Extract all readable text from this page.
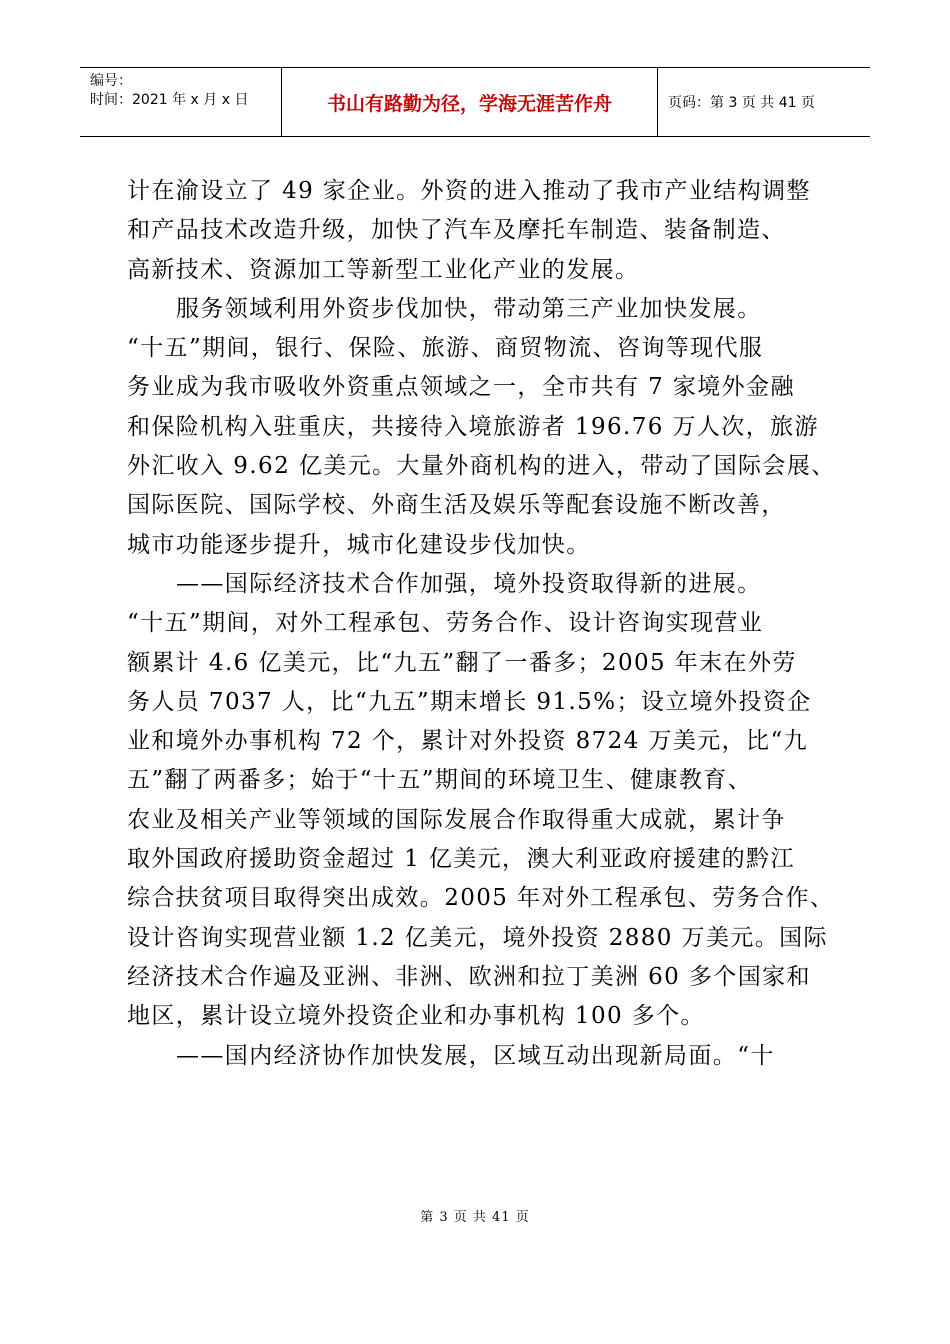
编号：
时间：2021 年 x 月 x 日	书山有路勤为径，学海无涯苦作舟	页码：第 3 页 共 41 页

计在渝设立了 49 家企业。外资的进入推动了我市产业结构调整

和产品技术改造升级，加快了汽车及摩托车制造、装备制造、

高新技术、资源加工等新型工业化产业的发展。

服务领域利用外资步伐加快，带动第三产业加快发展。

“十五”期间，银行、保险、旅游、商贸物流、咨询等现代服

务业成为我市吸收外资重点领域之一，全市共有 7 家境外金融

和保险机构入驻重庆，共接待入境旅游者 196.76 万人次，旅游

外汇收入 9.62 亿美元。大量外商机构的进入，带动了国际会展、

国际医院、国际学校、外商生活及娱乐等配套设施不断改善，

城市功能逐步提升，城市化建设步伐加快。

——国际经济技术合作加强，境外投资取得新的进展。

“十五”期间，对外工程承包、劳务合作、设计咨询实现营业

额累计 4.6 亿美元，比“九五”翻了一番多；2005 年末在外劳

务人员 7037 人，比“九五”期末增长 91.5%；设立境外投资企

业和境外办事机构 72 个，累计对外投资 8724 万美元，比“九

五”翻了两番多；始于“十五”期间的环境卫生、健康教育、

农业及相关产业等领域的国际发展合作取得重大成就，累计争

取外国政府援助资金超过 1 亿美元，澳大利亚政府援建的黔江

综合扶贫项目取得突出成效。2005 年对外工程承包、劳务合作、

设计咨询实现营业额 1.2 亿美元，境外投资 2880 万美元。国际

经济技术合作遍及亚洲、非洲、欧洲和拉丁美洲 60 多个国家和

地区，累计设立境外投资企业和办事机构 100 多个。

——国内经济协作加快发展，区域互动出现新局面。“十

第 3 页 共 41 页
